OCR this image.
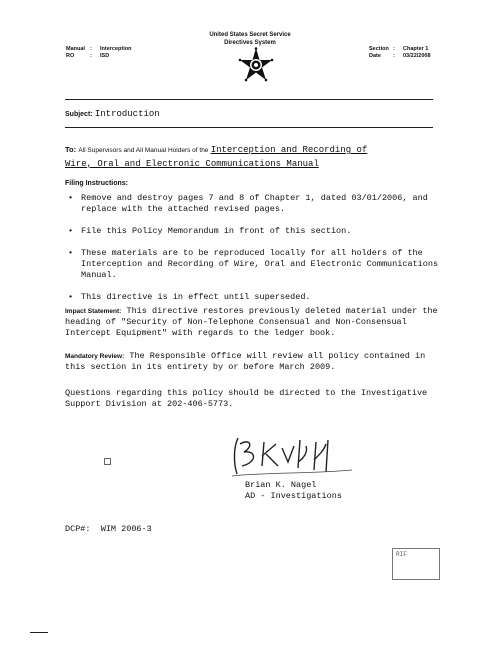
United States Secret Service
Directives System
Manual : Interception
RO	: ISD
Section : Chapter 1
Date : 03/22/2008
Subject: Introduction
To: All Supervisors and All Manual Holders of the Interception and Recording of
Wire, Oral and Electronic Communications Manual
Filing Instructions:
• Remove and destroy pages 7 and 8 of Chapter 1, dated 03/01/2006, and replace with the attached revised pages.
• File this Policy Memorandum in front of this section.
• These materials are to be reproduced locally for all holders of the Interception and Recording of Wire, Oral and Electronic Communications Manual.
• This directive is in effect until superseded.
Impact Statement: This directive restores previously deleted material under the heading of "Security of Non-Telephone Consensual and Non-Consensual Intercept Equipment" with regards to the ledger book.
Mandatory Review: The Responsible Office will review all policy contained in this section in its entirety by or before March 2009.
Questions regarding this policy should be directed to the Investigative Support Division at 202-406-5773.
Brian K. Nagel
AD - Investigations
DCP#: WIM 2006-3
RIF
